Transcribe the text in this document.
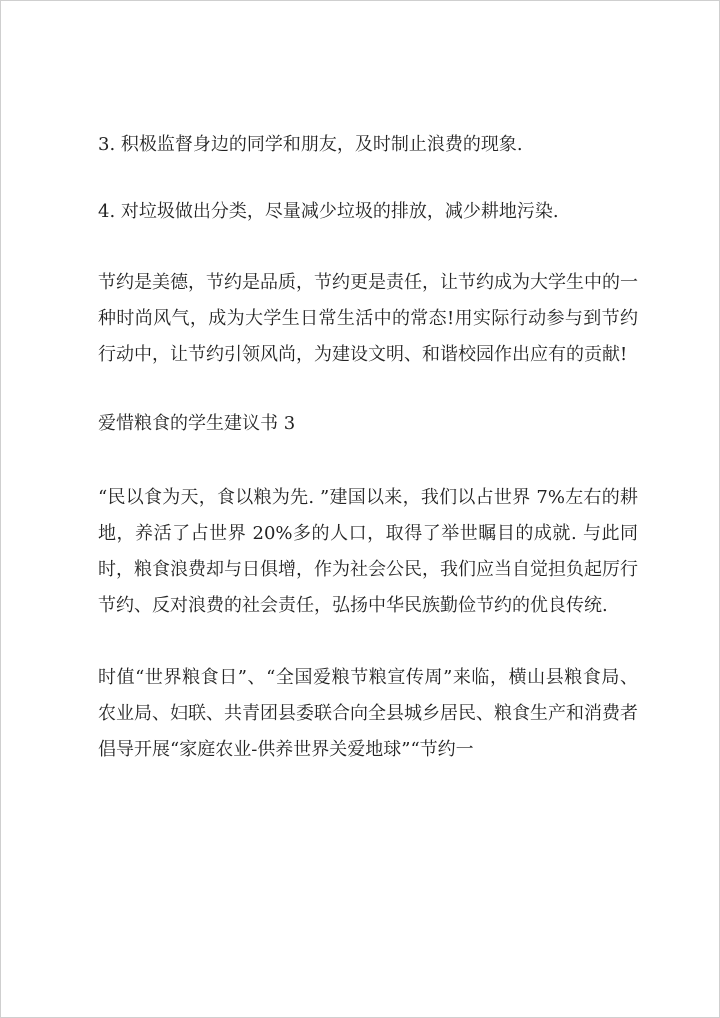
3. 积极监督身边的同学和朋友，及时制止浪费的现象.

4. 对垃圾做出分类，尽量减少垃圾的排放，减少耕地污染.

节约是美德，节约是品质，节约更是责任，让节约成为大学生中的一种时尚风气，成为大学生日常生活中的常态!用实际行动参与到节约行动中，让节约引领风尚，为建设文明、和谐校园作出应有的贡献!

爱惜粮食的学生建议书 3

“民以食为天，食以粮为先. ”建国以来，我们以占世界 7%左右的耕地，养活了占世界 20%多的人口，取得了举世瞩目的成就. 与此同时，粮食浪费却与日俱增，作为社会公民，我们应当自觉担负起厉行节约、反对浪费的社会责任，弘扬中华民族勤俭节约的优良传统.

时值“世界粮食日”、“全国爱粮节粮宣传周”来临，横山县粮食局、农业局、妇联、共青团县委联合向全县城乡居民、粮食生产和消费者倡导开展“家庭农业-供养世界关爱地球”“节约一
